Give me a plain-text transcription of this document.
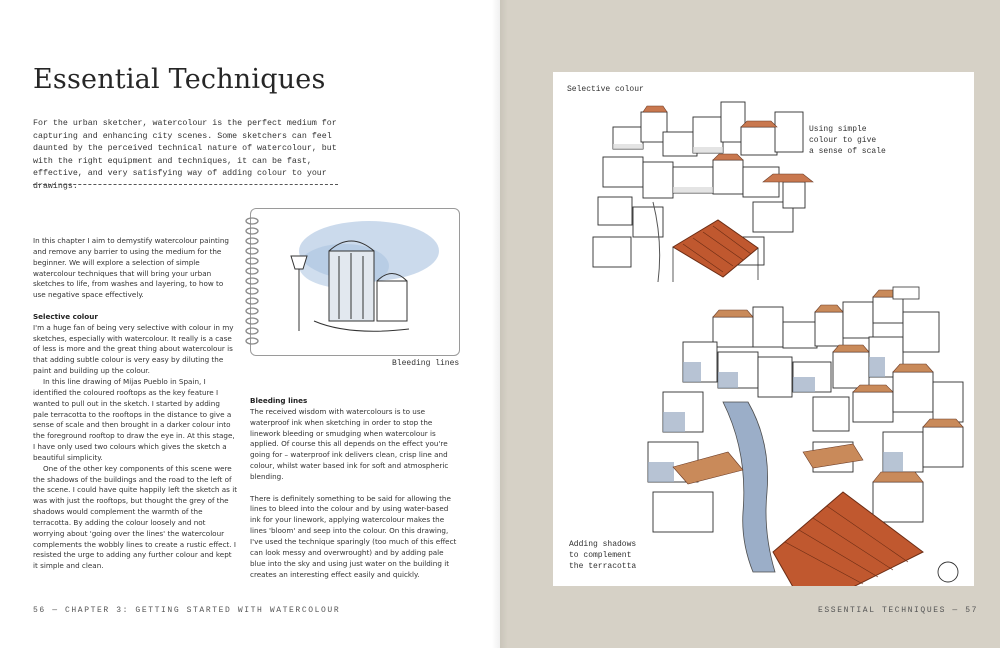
Essential Techniques
For the urban sketcher, watercolour is the perfect medium for capturing and enhancing city scenes. Some sketchers can feel daunted by the perceived technical nature of watercolour, but with the right equipment and techniques, it can be fast, effective, and very satisfying way of adding colour to your drawings.

In this chapter I aim to demystify watercolour painting and remove any barrier to using the medium for the beginner. We will explore a selection of simple watercolour techniques that will bring your urban sketches to life, from washes and layering, to how to use negative space effectively.

Selective colour

I'm a huge fan of being very selective with colour in my sketches, especially with watercolour. It really is a case of less is more and the great thing about watercolour is that adding subtle colour is very easy by diluting the paint and building up the colour.

In this line drawing of Mijas Pueblo in Spain, I identified the coloured rooftops as the key feature I wanted to pull out in the sketch. I started by adding pale terracotta to the rooftops in the distance to give a sense of scale and then brought in a darker colour into the foreground rooftop to draw the eye in. At this stage, I have only used two colours which gives the sketch a beautiful simplicity.

One of the other key components of this scene were the shadows of the buildings and the road to the left of the scene. I could have quite happily left the sketch as it was with just the rooftops, but thought the grey of the shadows would complement the warmth of the terracotta. By adding the colour loosely and not worrying about 'going over the lines' the watercolour complements the wobbly lines to create a rustic effect. I resisted the urge to adding any further colour and kept it simple and clean.

Bleeding lines

Bleeding lines

The received wisdom with watercolours is to use waterproof ink when sketching in order to stop the linework bleeding or smudging when watercolour is applied. Of course this all depends on the effect you're going for – waterproof ink delivers clean, crisp line and colour, whilst water based ink for soft and atmospheric blending.

There is definitely something to be said for allowing the lines to bleed into the colour and by using water-based ink for your linework, applying watercolour makes the lines 'bloom' and seep into the colour. On this drawing, I've used the technique sparingly (too much of this effect can look messy and overwrought) and by adding pale blue into the sky and using just water on the building it creates an interesting effect easily and quickly.

56 — CHAPTER 3: GETTING STARTED WITH WATERCOLOUR	ESSENTIAL TECHNIQUES — 57
Selective colour
Using simple
colour to give
a sense of scale
Adding shadows
to complement
the terracotta
